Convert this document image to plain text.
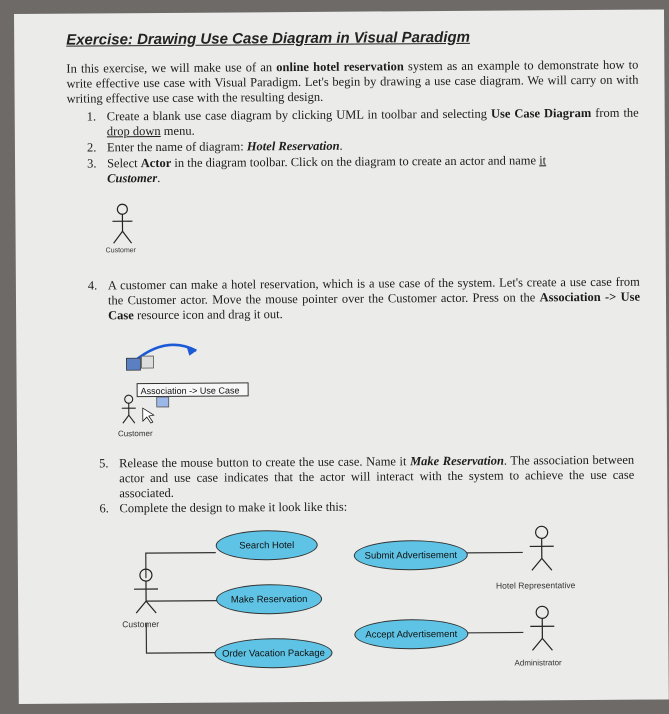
Exercise: Drawing Use Case Diagram in Visual Paradigm
In this exercise, we will make use of an online hotel reservation system as an example to demonstrate how to write effective use case with Visual Paradigm. Let's begin by drawing a use case diagram. We will carry on with writing effective use case with the resulting design.
1. Create a blank use case diagram by clicking UML in toolbar and selecting Use Case Diagram from the drop down menu.
2. Enter the name of diagram: Hotel Reservation.
3. Select Actor in the diagram toolbar. Click on the diagram to create an actor and name it
Customer.
Customer
4. A customer can make a hotel reservation, which is a use case of the system. Let's create a use case from the Customer actor. Move the mouse pointer over the Customer actor. Press on the Association -> Use Case resource icon and drag it out.
Association -> Use Case
Customer
5. Release the mouse button to create the use case. Name it Make Reservation. The association between actor and use case indicates that the actor will interact with the system to achieve the use case associated.
6. Complete the design to make it look like this:
Search Hotel
Make Reservation
Order Vacation Package
Submit Advertisement
Accept Advertisement
Customer
Hotel Representative
Administrator
